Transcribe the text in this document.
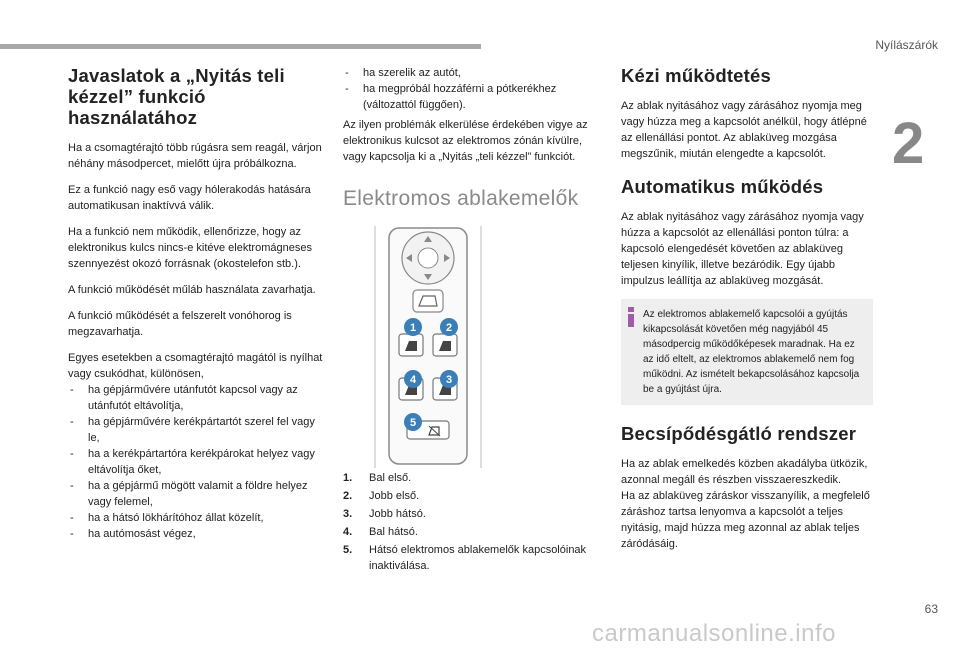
Nyílászárók
2
63
carmanualsonline.info
Javaslatok a „Nyitás teli kézzel” funkció használatához

Ha a csomagtérajtó több rúgásra sem reagál, várjon néhány másodpercet, mielőtt újra próbálkozna.

Ez a funkció nagy eső vagy hólerakodás hatására automatikusan inaktívvá válik.

Ha a funkció nem működik, ellenőrizze, hogy az elektronikus kulcs nincs-e kitéve elektromágneses szennyezést okozó forrásnak (okostelefon stb.).

A funkció működését műláb használata zavarhatja.

A funkció működését a felszerelt vonóhorog is megzavarhatja.

Egyes esetekben a csomagtérajtó magától is nyílhat vagy csukódhat, különösen,

- ha gépjárművére utánfutót kapcsol vagy az utánfutót eltávolítja,
- ha gépjárművére kerékpártartót szerel fel vagy le,
- ha a kerékpártartóra kerékpárokat helyez vagy eltávolítja őket,
- ha a gépjármű mögött valamit a földre helyez vagy felemel,
- ha a hátsó lökhárítóhoz állat közelít,
- ha autómosást végez,
- ha szerelik az autót,
- ha megpróbál hozzáférni a pótkerékhez (változattól függően).

Az ilyen problémák elkerülése érdekében vigye az elektronikus kulcsot az elektromos zónán kívülre, vagy kapcsolja ki a „Nyitás „teli kézzel” funkciót.

Elektromos ablakemelők
1	2
3
4
5
1. Bal első.
2. Jobb első.
3. Jobb hátsó.
4. Bal hátsó.
5. Hátsó elektromos ablakemelők kapcsolóinak inaktiválása.
Kézi működtetés

Az ablak nyitásához vagy zárásához nyomja meg vagy húzza meg a kapcsolót anélkül, hogy átlépné az ellenállási pontot. Az ablaküveg mozgása megszűnik, miután elengedte a kapcsolót.

Automatikus működés

Az ablak nyitásához vagy zárásához nyomja vagy húzza a kapcsolót az ellenállási ponton túlra: a kapcsoló elengedését követően az ablaküveg teljesen kinyílik, illetve bezáródik. Egy újabb impulzus leállítja az ablaküveg mozgását.

Az elektromos ablakemelő kapcsolói a gyújtás kikapcsolását követően még nagyjából 45 másodpercig működőképesek maradnak. Ha ez az idő eltelt, az elektromos ablakemelő nem fog működni. Az ismételt bekapcsolásához kapcsolja be a gyújtást újra.

Becsípődésgátló rendszer

Ha az ablak emelkedés közben akadályba ütközik, azonnal megáll és részben visszaereszkedik.

Ha az ablaküveg záráskor visszanyílik, a megfelelő záráshoz tartsa lenyomva a kapcsolót a teljes nyitásig, majd húzza meg azonnal az ablak teljes záródásáig.
